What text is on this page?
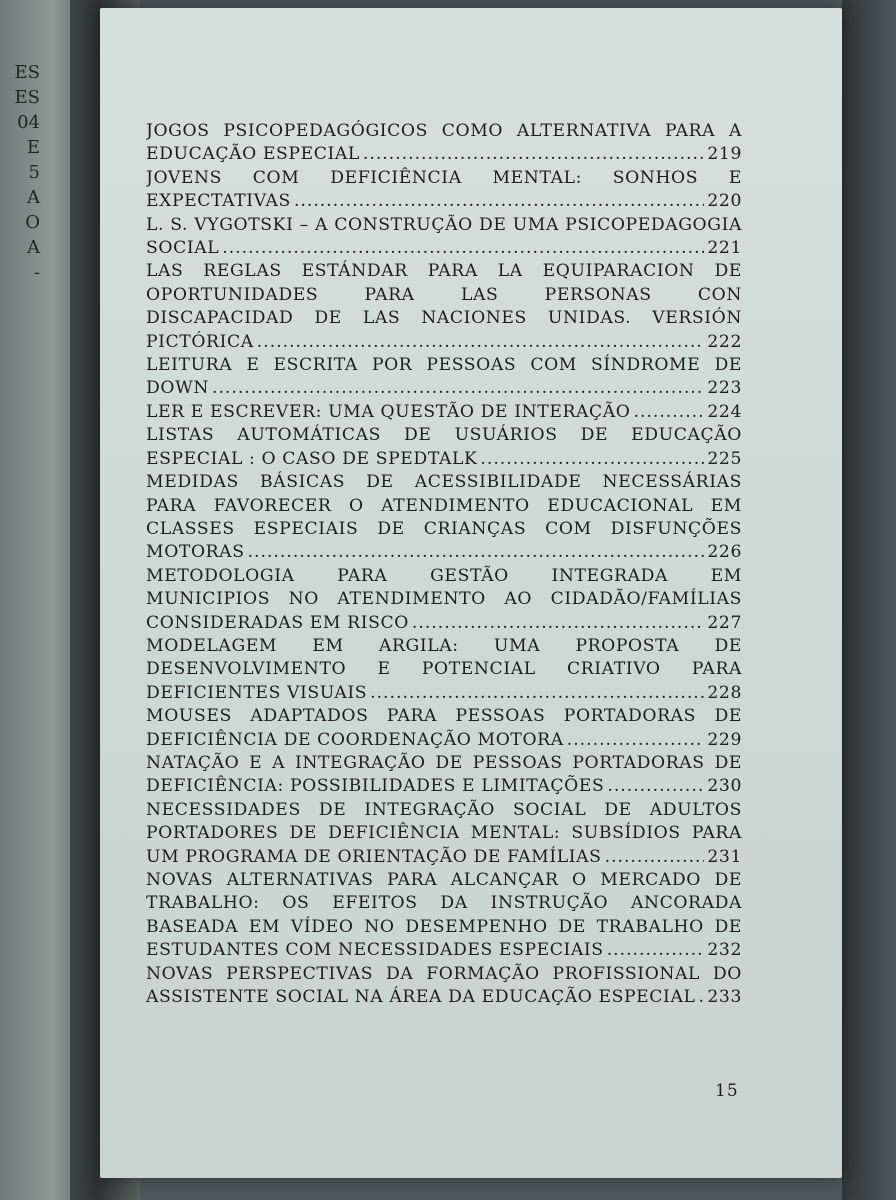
ES
ES
04
E
5
A
O
A
-
JOGOS PSICOPEDAGÓGICOS COMO ALTERNATIVA PARA A
EDUCAÇÃO ESPECIAL .....	219
JOVENS COM DEFICIÊNCIA MENTAL: SONHOS E
EXPECTATIVAS .....	220
L. S. VYGOTSKI – A CONSTRUÇÃO DE UMA PSICOPEDAGOGIA
SOCIAL .....	221
LAS REGLAS ESTÁNDAR PARA LA EQUIPARACION DE
OPORTUNIDADES PARA LAS PERSONAS CON
DISCAPACIDAD DE LAS NACIONES UNIDAS. VERSIÓN
PICTÓRICA .....	222
LEITURA E ESCRITA POR PESSOAS COM SÍNDROME DE
DOWN .....	223
LER E ESCREVER: UMA QUESTÃO DE INTERAÇÃO .....	224
LISTAS AUTOMÁTICAS DE USUÁRIOS DE EDUCAÇÃO
ESPECIAL : O CASO DE SPEDTALK .....	225
MEDIDAS BÁSICAS DE ACESSIBILIDADE NECESSÁRIAS
PARA FAVORECER O ATENDIMENTO EDUCACIONAL EM
CLASSES ESPECIAIS DE CRIANÇAS COM DISFUNÇÕES
MOTORAS .....	226
METODOLOGIA PARA GESTÃO INTEGRADA EM
MUNICIPIOS NO ATENDIMENTO AO CIDADÃO/FAMÍLIAS
CONSIDERADAS EM RISCO .....	227
MODELAGEM EM ARGILA: UMA PROPOSTA DE
DESENVOLVIMENTO E POTENCIAL CRIATIVO PARA
DEFICIENTES VISUAIS .....	228
MOUSES ADAPTADOS PARA PESSOAS PORTADORAS DE
DEFICIÊNCIA DE COORDENAÇÃO MOTORA .....	229
NATAÇÃO E A INTEGRAÇÃO DE PESSOAS PORTADORAS DE
DEFICIÊNCIA: POSSIBILIDADES E LIMITAÇÕES .....	230
NECESSIDADES DE INTEGRAÇÃO SOCIAL DE ADULTOS
PORTADORES DE DEFICIÊNCIA MENTAL: SUBSÍDIOS PARA
UM PROGRAMA DE ORIENTAÇÃO DE FAMÍLIAS .....	231
NOVAS ALTERNATIVAS PARA ALCANÇAR O MERCADO DE
TRABALHO: OS EFEITOS DA INSTRUÇÃO ANCORADA
BASEADA EM VÍDEO NO DESEMPENHO DE TRABALHO DE
ESTUDANTES COM NECESSIDADES ESPECIAIS .....	232
NOVAS PERSPECTIVAS DA FORMAÇÃO PROFISSIONAL DO
ASSISTENTE SOCIAL NA ÁREA DA EDUCAÇÃO ESPECIAL ..... 233
15
